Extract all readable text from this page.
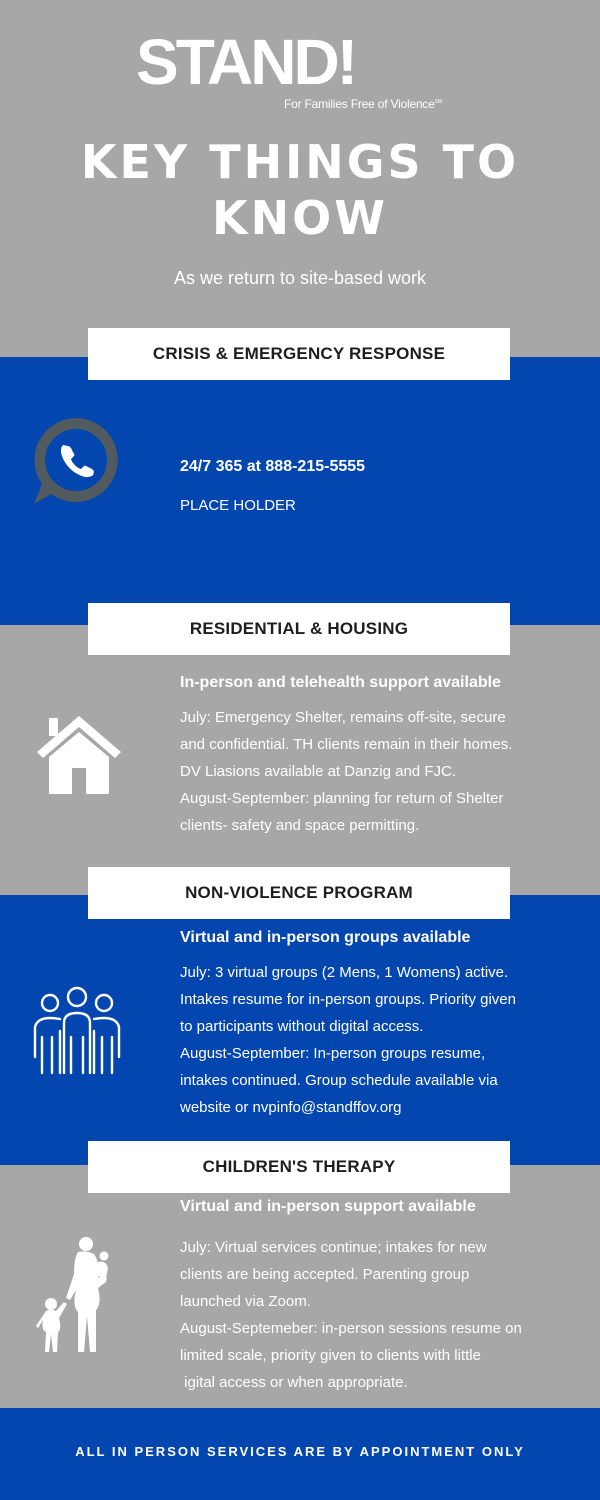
STAND!
For Families Free of Violence℠
KEY THINGS TO
KNOW
As we return to site-based work
CRISIS & EMERGENCY RESPONSE
24/7 365 at 888-215-5555
PLACE HOLDER
RESIDENTIAL & HOUSING
In-person and telehealth support available
July: Emergency Shelter, remains off-site, secure
and confidential. TH clients remain in their homes.
DV Liasions available at Danzig and FJC.
August-September: planning for return of Shelter
clients- safety and space permitting.
NON-VIOLENCE PROGRAM
Virtual and in-person groups available
July: 3 virtual groups (2 Mens, 1 Womens) active.
Intakes resume for in-person groups. Priority given
to participants without digital access.
August-September: In-person groups resume,
intakes continued. Group schedule available via
website or nvpinfo@standffov.org
CHILDREN'S THERAPY
Virtual and in-person support available
July: Virtual services continue; intakes for new
clients are being accepted. Parenting group
launched via Zoom.
August-Septemeber: in-person sessions resume on
limited scale, priority given to clients with little
igital access or when appropriate.
ALL IN PERSON SERVICES ARE BY APPOINTMENT ONLY
